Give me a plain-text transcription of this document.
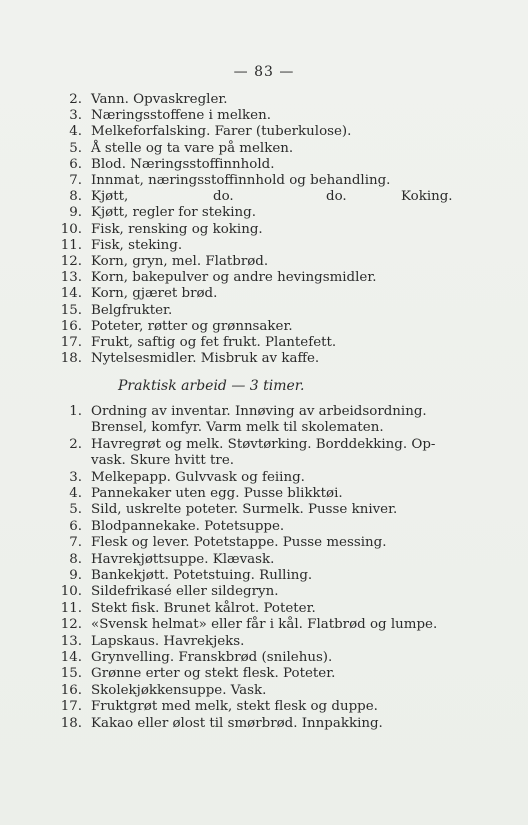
— 83 —
2. Vann. Opvaskregler.
3. Næringsstoffene i melken.
4. Melkeforfalsking. Farer (tuberkulose).
5. Å stelle og ta vare på melken.
6. Blod. Næringsstoffinnhold.
7. Innmat, næringsstoffinnhold og behandling.
8. Kjøtt,	do.	do.	Koking.
9. Kjøtt, regler for steking.
10. Fisk, rensking og koking.
11. Fisk, steking.
12. Korn, gryn, mel. Flatbrød.
13. Korn, bakepulver og andre hevingsmidler.
14. Korn, gjæret brød.
15. Belgfrukter.
16. Poteter, røtter og grønnsaker.
17. Frukt, saftig og fet frukt. Plantefett.
18. Nytelsesmidler. Misbruk av kaffe.
Praktisk arbeid — 3 timer.
1. Ordning av inventar. Innøving av arbeidsordning.
Brensel, komfyr. Varm melk til skolematen.
2. Havregrøt og melk. Støvtørking. Borddekking. Op-
vask. Skure hvitt tre.
3. Melkepapp. Gulvvask og feiing.
4. Pannekaker uten egg. Pusse blikktøi.
5. Sild, uskrelte poteter. Surmelk. Pusse kniver.
6. Blodpannekake. Potetsuppe.
7. Flesk og lever. Potetstappe. Pusse messing.
8. Havrekjøttsuppe. Klævask.
9. Bankekjøtt. Potetstuing. Rulling.
10. Sildefrikasé eller sildegryn.
11. Stekt fisk. Brunet kålrot. Poteter.
12. «Svensk helmat» eller får i kål. Flatbrød og lumpe.
13. Lapskaus. Havrekjeks.
14. Grynvelling. Franskbrød (snilehus).
15. Grønne erter og stekt flesk. Poteter.
16. Skolekjøkkensuppe. Vask.
17. Fruktgrøt med melk, stekt flesk og duppe.
18. Kakao eller ølost til smørbrød. Innpakking.
